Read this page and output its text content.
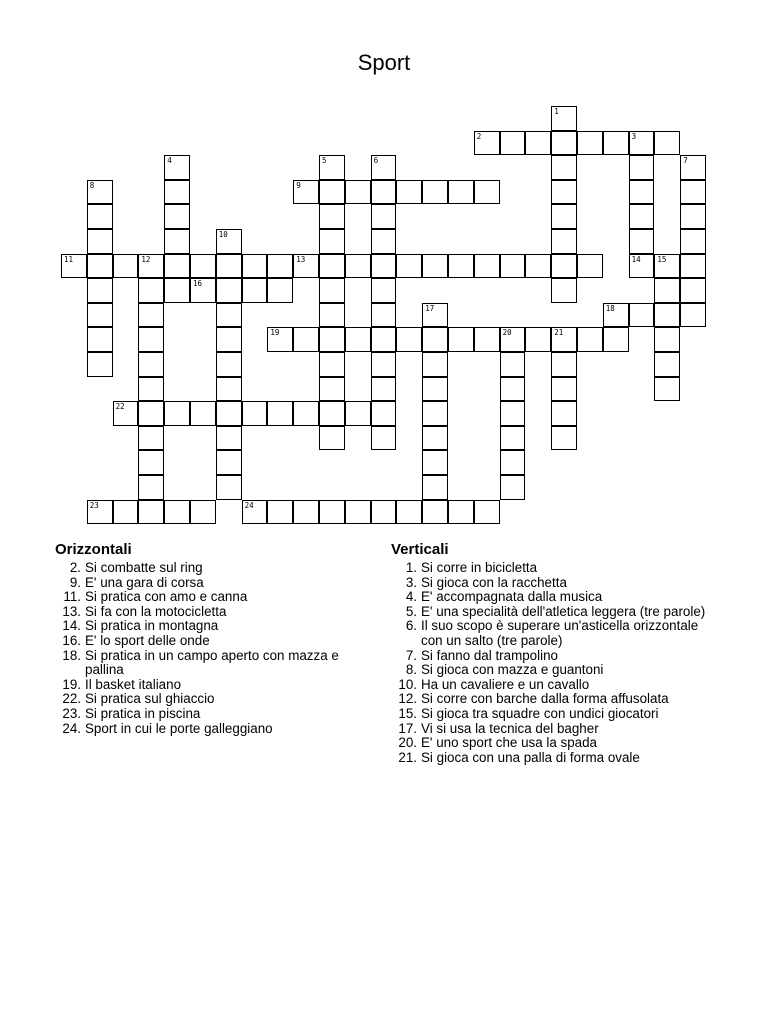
Sport
1
2	3
14
4	5	6	7
8	9
10
11	12	13	15
16
17	18
19	20	21
22
23	24
Orizzontali
2. Si combatte sul ring
9. E' una gara di corsa
11. Si pratica con amo e canna
13. Si fa con la motocicletta
14. Si pratica in montagna
16. E' lo sport delle onde
18. Si pratica in un campo aperto con mazza e pallina
19. Il basket italiano
22. Si pratica sul ghiaccio
23. Si pratica in piscina
24. Sport in cui le porte galleggiano
Verticali
1. Si corre in bicicletta
3. Si gioca con la racchetta
4. E' accompagnata dalla musica
5. E' una specialità dell'atletica leggera (tre parole)
6. Il suo scopo è superare un'asticella orizzontale con un salto (tre parole)
7. Si fanno dal trampolino
8. Si gioca con mazza e guantoni
10. Ha un cavaliere e un cavallo
12. Si corre con barche dalla forma affusolata
15. Si gioca tra squadre con undici giocatori
17. Vi si usa la tecnica del bagher
20. E' uno sport che usa la spada
21. Si gioca con una palla di forma ovale
